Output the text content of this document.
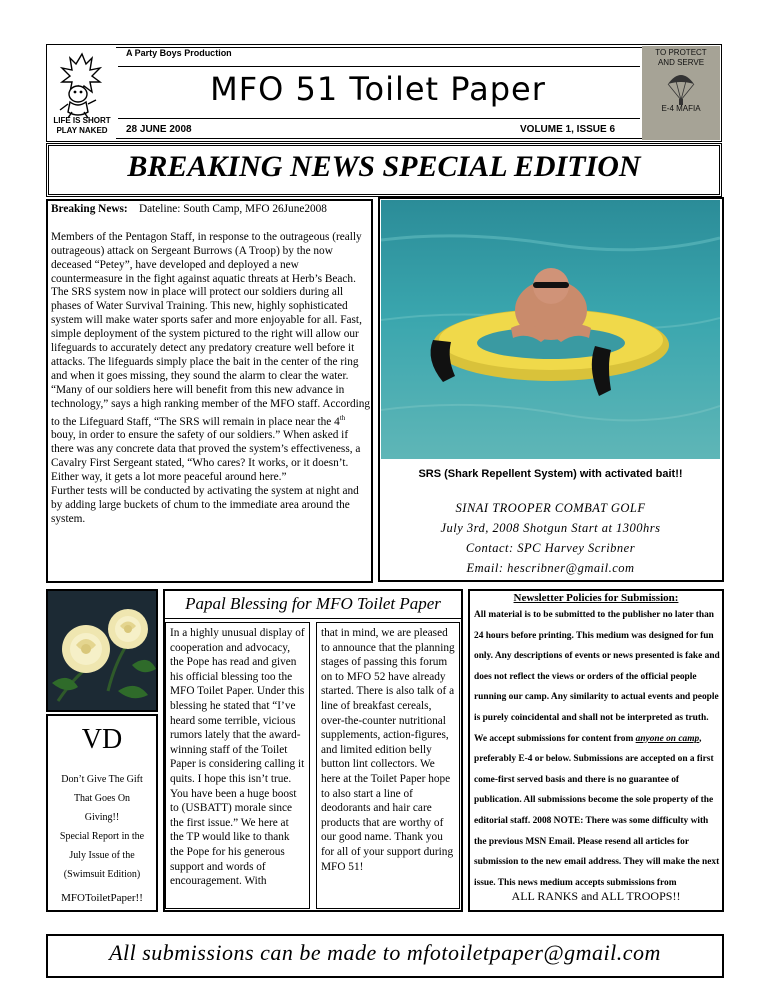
LIFE IS SHORT
PLAY NAKED
A Party Boys Production
MFO 51 Toilet Paper
28 JUNE 2008	VOLUME 1, ISSUE 6
TO PROTECT
AND SERVE
E-4 MAFIA
BREAKING NEWS SPECIAL EDITION

Breaking News: Dateline: South Camp, MFO 26June2008

Members of the Pentagon Staff, in response to the outrageous (really outrageous) attack on Sergeant Burrows (A Troop) by the now deceased “Petey”, have developed and deployed a new countermeasure in the fight against aquatic threats at Herb’s Beach. The SRS system now in place will protect our soldiers during all phases of Water Survival Training. This new, highly sophisticated system will make water sports safer and more enjoyable for all. Fast, simple deployment of the system pictured to the right will allow our lifeguards to accurately detect any predatory creature well before it attacks. The lifeguards simply place the bait in the center of the ring and when it goes missing, they sound the alarm to clear the water. “Many of our soldiers here will benefit from this new advance in technology,” says a high ranking member of the MFO staff. According to the Lifeguard Staff, “The SRS will remain in place near the 4th bouy, in order to ensure the safety of our soldiers.” When asked if there was any concrete data that proved the system’s effectiveness, a Cavalry First Sergeant stated, “Who cares? It works, or it doesn’t. Either way, it gets a lot more peaceful around here.”

Further tests will be conducted by activating the system at night and by adding large buckets of chum to the immediate area around the system.

SRS (Shark Repellent System) with activated bait!!
SINAI TROOPER COMBAT GOLF
July 3rd, 2008 Shotgun Start at 1300hrs
Contact: SPC Harvey Scribner
Email: hescribner@gmail.com
VD
Don’t Give The Gift
That Goes On
Giving!!
Special Report in the
July Issue of the
(Swimsuit Edition)
MFOToiletPaper!!
Papal Blessing for MFO Toilet Paper
In a highly unusual display of cooperation and advocacy, the Pope has read and given his official blessing too the MFO Toilet Paper. Under this blessing he stated that “I’ve heard some terrible, vicious rumors lately that the award-winning staff of the Toilet Paper is considering calling it quits. I hope this isn’t true. You have been a huge boost to (USBATT) morale since the first issue.” We here at the TP would like to thank the Pope for his generous support and words of encouragement. With
that in mind, we are pleased to announce that the planning stages of passing this forum on to MFO 52 have already started. There is also talk of a line of breakfast cereals, over-the-counter nutritional supplements, action-figures, and limited edition belly button lint collectors. We here at the Toilet Paper hope to also start a line of deodorants and hair care products that are worthy of our good name. Thank you for all of your support during MFO 51!
Newsletter Policies for Submission:
All material is to be submitted to the publisher no later than 24 hours before printing. This medium was designed for fun only. Any descriptions of events or news presented is fake and does not reflect the views or orders of the official people running our camp. Any similarity to actual events and people is purely coincidental and shall not be interpreted as truth. We accept submissions for content from anyone on camp, preferably E-4 or below. Submissions are accepted on a first come-first served basis and there is no guarantee of publication. All submissions become the sole property of the editorial staff. 2008 NOTE: There was some difficulty with the previous MSN Email. Please resend all articles for submission to the new email address. They will make the next issue. This news medium accepts submissions from
ALL RANKS and ALL TROOPS!!
All submissions can be made to mfotoiletpaper@gmail.com
